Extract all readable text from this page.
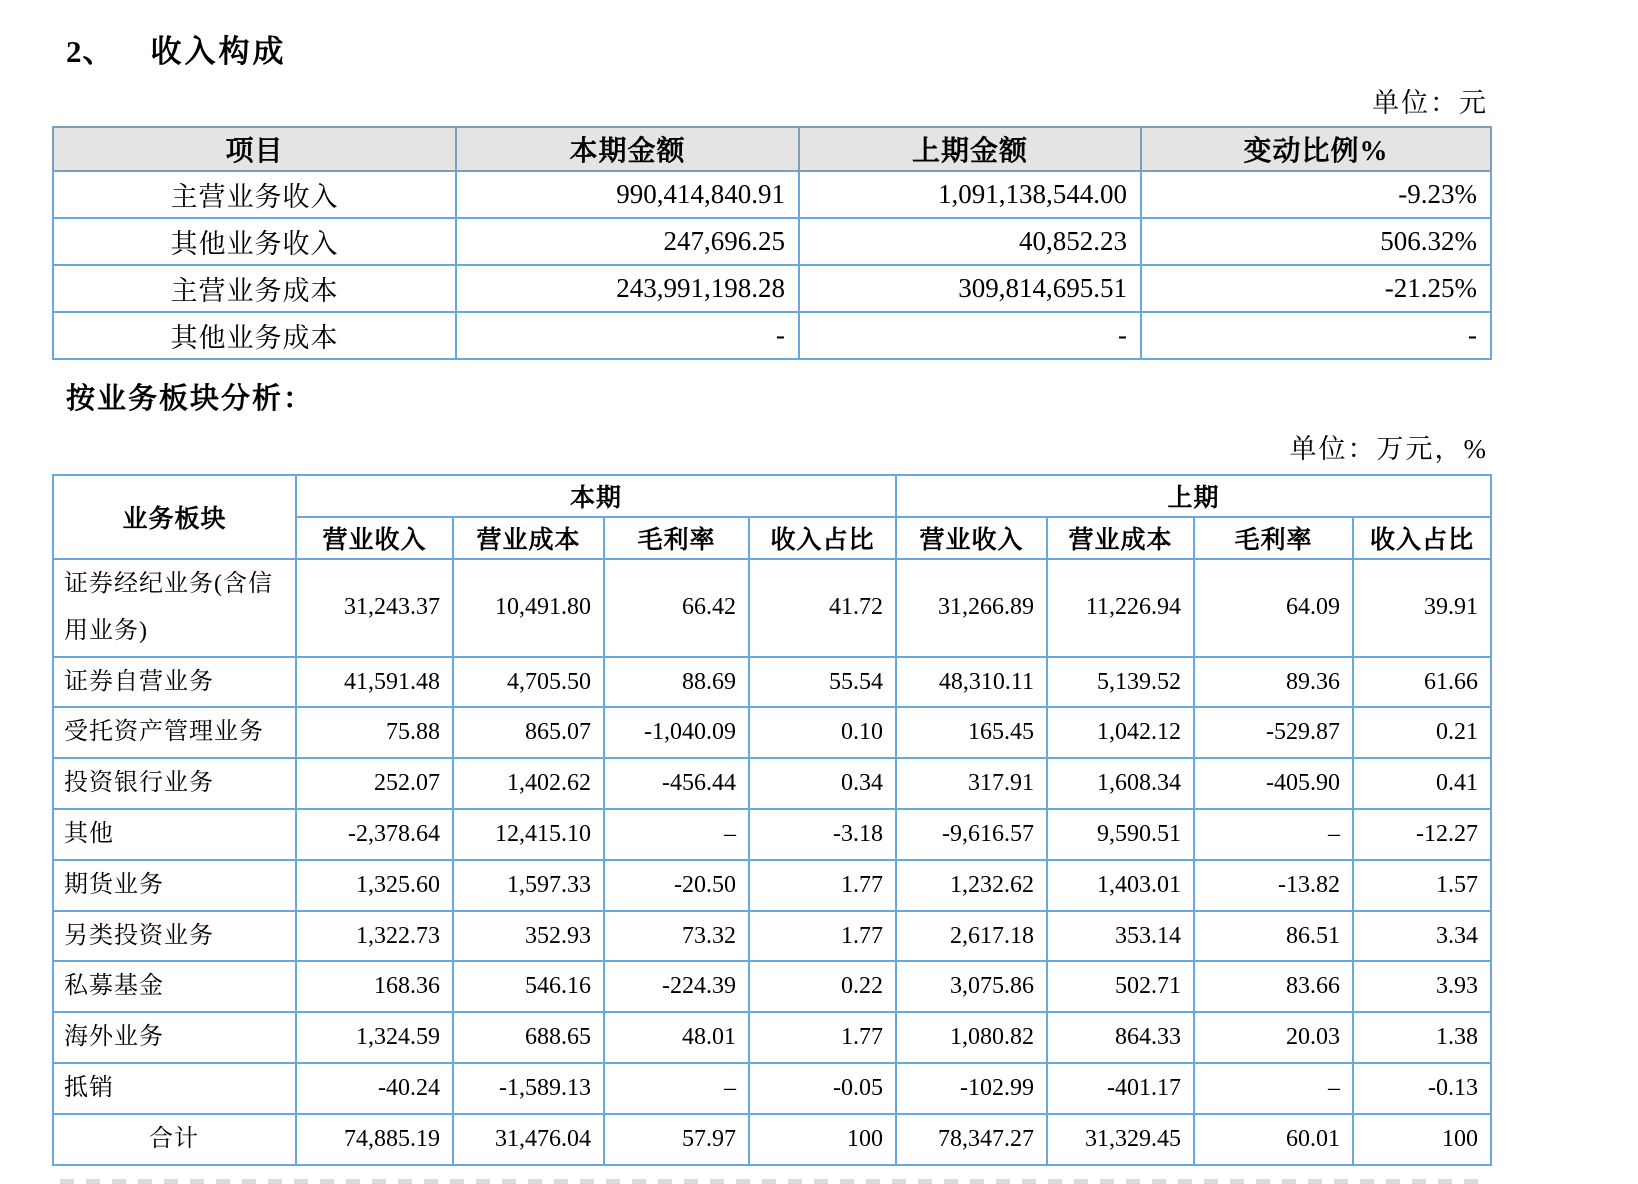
2、 收入构成
单位：元
项目	本期金额	上期金额	变动比例%
主营业务收入	990,414,840.91	1,091,138,544.00	-9.23%
其他业务收入	247,696.25	40,852.23	506.32%
主营业务成本	243,991,198.28	309,814,695.51	-21.25%
其他业务成本	-	-	-
按业务板块分析：
单位：万元，%
业务板块	本期				上期			
	营业收入	营业成本	毛利率	收入占比	营业收入	营业成本	毛利率	收入占比
证券经纪业务(含信用业务)	31,243.37	10,491.80	66.42	41.72	31,266.89	11,226.94	64.09	39.91
证券自营业务	41,591.48	4,705.50	88.69	55.54	48,310.11	5,139.52	89.36	61.66
受托资产管理业务	75.88	865.07	-1,040.09	0.10	165.45	1,042.12	-529.87	0.21
投资银行业务	252.07	1,402.62	-456.44	0.34	317.91	1,608.34	-405.90	0.41
其他	-2,378.64	12,415.10	–	-3.18	-9,616.57	9,590.51	–	-12.27
期货业务	1,325.60	1,597.33	-20.50	1.77	1,232.62	1,403.01	-13.82	1.57
另类投资业务	1,322.73	352.93	73.32	1.77	2,617.18	353.14	86.51	3.34
私募基金	168.36	546.16	-224.39	0.22	3,075.86	502.71	83.66	3.93
海外业务	1,324.59	688.65	48.01	1.77	1,080.82	864.33	20.03	1.38
抵销	-40.24	-1,589.13	–	-0.05	-102.99	-401.17	–	-0.13
合计	74,885.19	31,476.04	57.97	100	78,347.27	31,329.45	60.01	100
